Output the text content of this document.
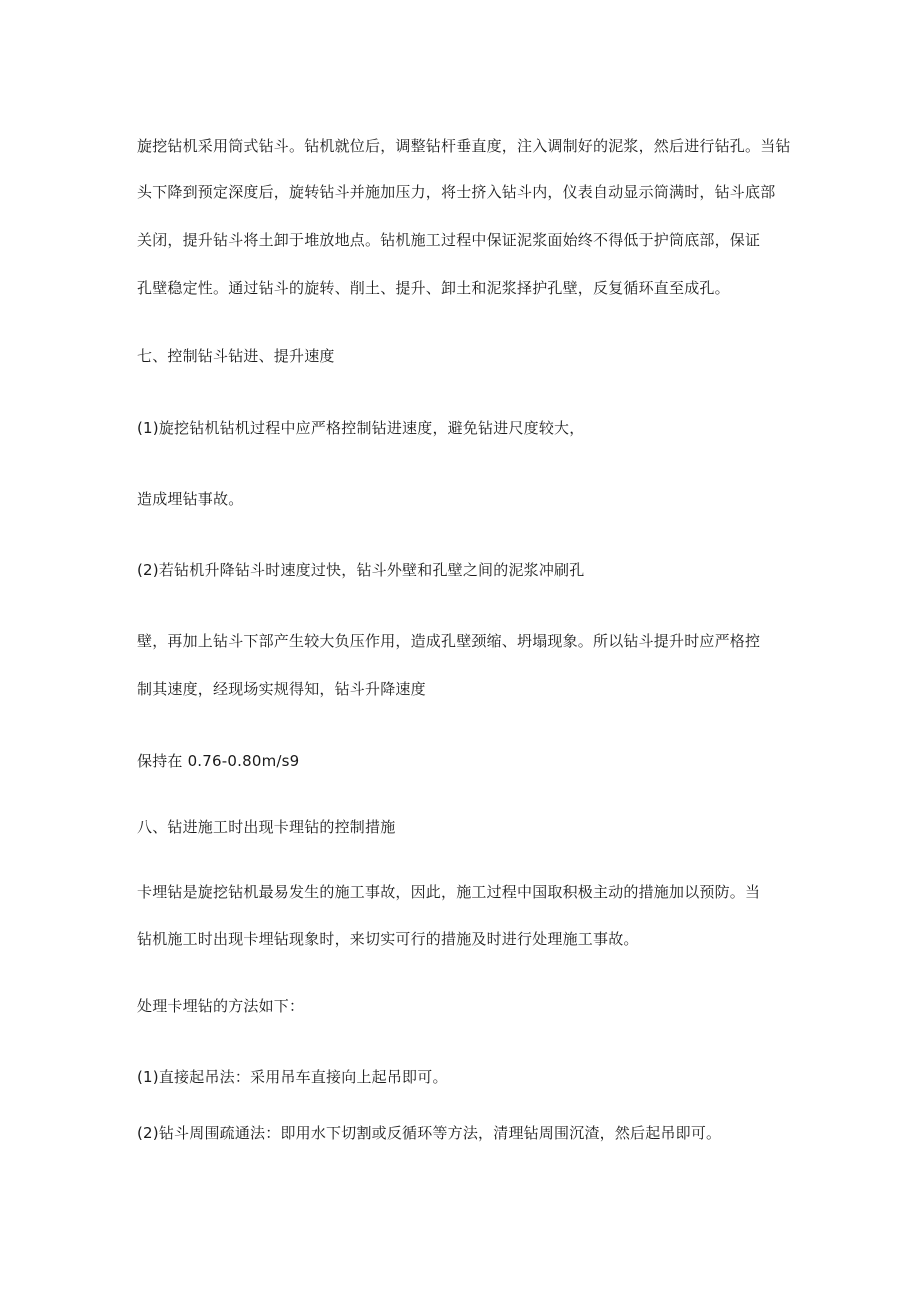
旋挖钻机采用筒式钻斗。钻机就位后，调整钻杆垂直度，注入调制好的泥浆，然后进行钻孔。当钻
头下降到预定深度后，旋转钻斗并施加压力，将士挤入钻斗内，仪表自动显示筒满时，钻斗底部
关闭，提升钻斗将土卸于堆放地点。钻机施工过程中保证泥浆面始终不得低于护筒底部，保证
孔壁稳定性。通过钻斗的旋转、削土、提升、卸土和泥浆择护孔壁，反复循环直至成孔。
七、控制钻斗钻进、提升速度
(1)旋挖钻机钻机过程中应严格控制钻进速度，避免钻进尺度较大，
造成埋钻事故。
(2)若钻机升降钻斗时速度过快，钻斗外壁和孔壁之间的泥浆冲刷孔
壁，再加上钻斗下部产生较大负压作用，造成孔壁颈缩、坍塌现象。所以钻斗提升时应严格控
制其速度，经现场实规得知，钻斗升降速度
保持在 0.76-0.80m∕s9
八、钻进施工时出现卡理钻的控制措施
卡埋钻是旋挖钻机最易发生的施工事故，因此，施工过程中国取积极主动的措施加以预防。当
钻机施工时出现卡埋钻现象时，来切实可行的措施及时进行处理施工事故。
处理卡埋钻的方法如下：
(1)直接起吊法：采用吊车直接向上起吊即可。
(2)钻斗周围疏通法：即用水下切割或反循环等方法，清理钻周围沉渣，然后起吊即可。
